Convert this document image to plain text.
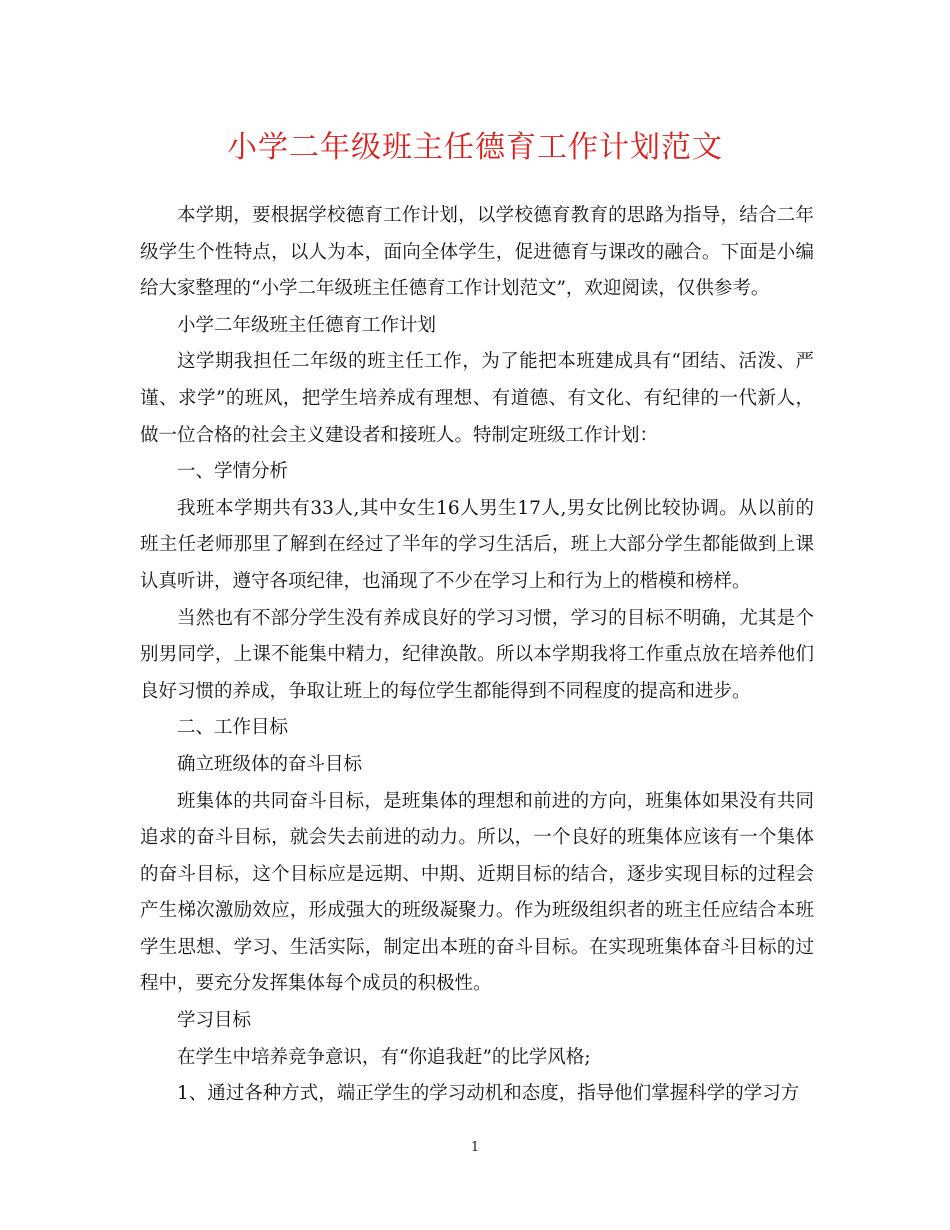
小学二年级班主任德育工作计划范文

本学期，要根据学校德育工作计划，以学校德育教育的思路为指导，结合二年级学生个性特点，以人为本，面向全体学生，促进德育与课改的融合。下面是小编给大家整理的“小学二年级班主任德育工作计划范文”，欢迎阅读，仅供参考。

小学二年级班主任德育工作计划

这学期我担任二年级的班主任工作，为了能把本班建成具有“团结、活泼、严谨、求学”的班风，把学生培养成有理想、有道德、有文化、有纪律的一代新人，做一位合格的社会主义建设者和接班人。特制定班级工作计划：

一、学情分析

我班本学期共有33人,其中女生16人男生17人,男女比例比较协调。从以前的班主任老师那里了解到在经过了半年的学习生活后，班上大部分学生都能做到上课认真听讲，遵守各项纪律，也涌现了不少在学习上和行为上的楷模和榜样。

当然也有不部分学生没有养成良好的学习习惯，学习的目标不明确，尤其是个别男同学，上课不能集中精力，纪律涣散。所以本学期我将工作重点放在培养他们良好习惯的养成，争取让班上的每位学生都能得到不同程度的提高和进步。

二、工作目标

确立班级体的奋斗目标

班集体的共同奋斗目标，是班集体的理想和前进的方向，班集体如果没有共同追求的奋斗目标，就会失去前进的动力。所以，一个良好的班集体应该有一个集体的奋斗目标，这个目标应是远期、中期、近期目标的结合，逐步实现目标的过程会产生梯次激励效应，形成强大的班级凝聚力。作为班级组织者的班主任应结合本班学生思想、学习、生活实际，制定出本班的奋斗目标。在实现班集体奋斗目标的过程中，要充分发挥集体每个成员的积极性。

学习目标

在学生中培养竞争意识，有“你追我赶”的比学风格;

1、通过各种方式，端正学生的学习动机和态度，指导他们掌握科学的学习方

1
